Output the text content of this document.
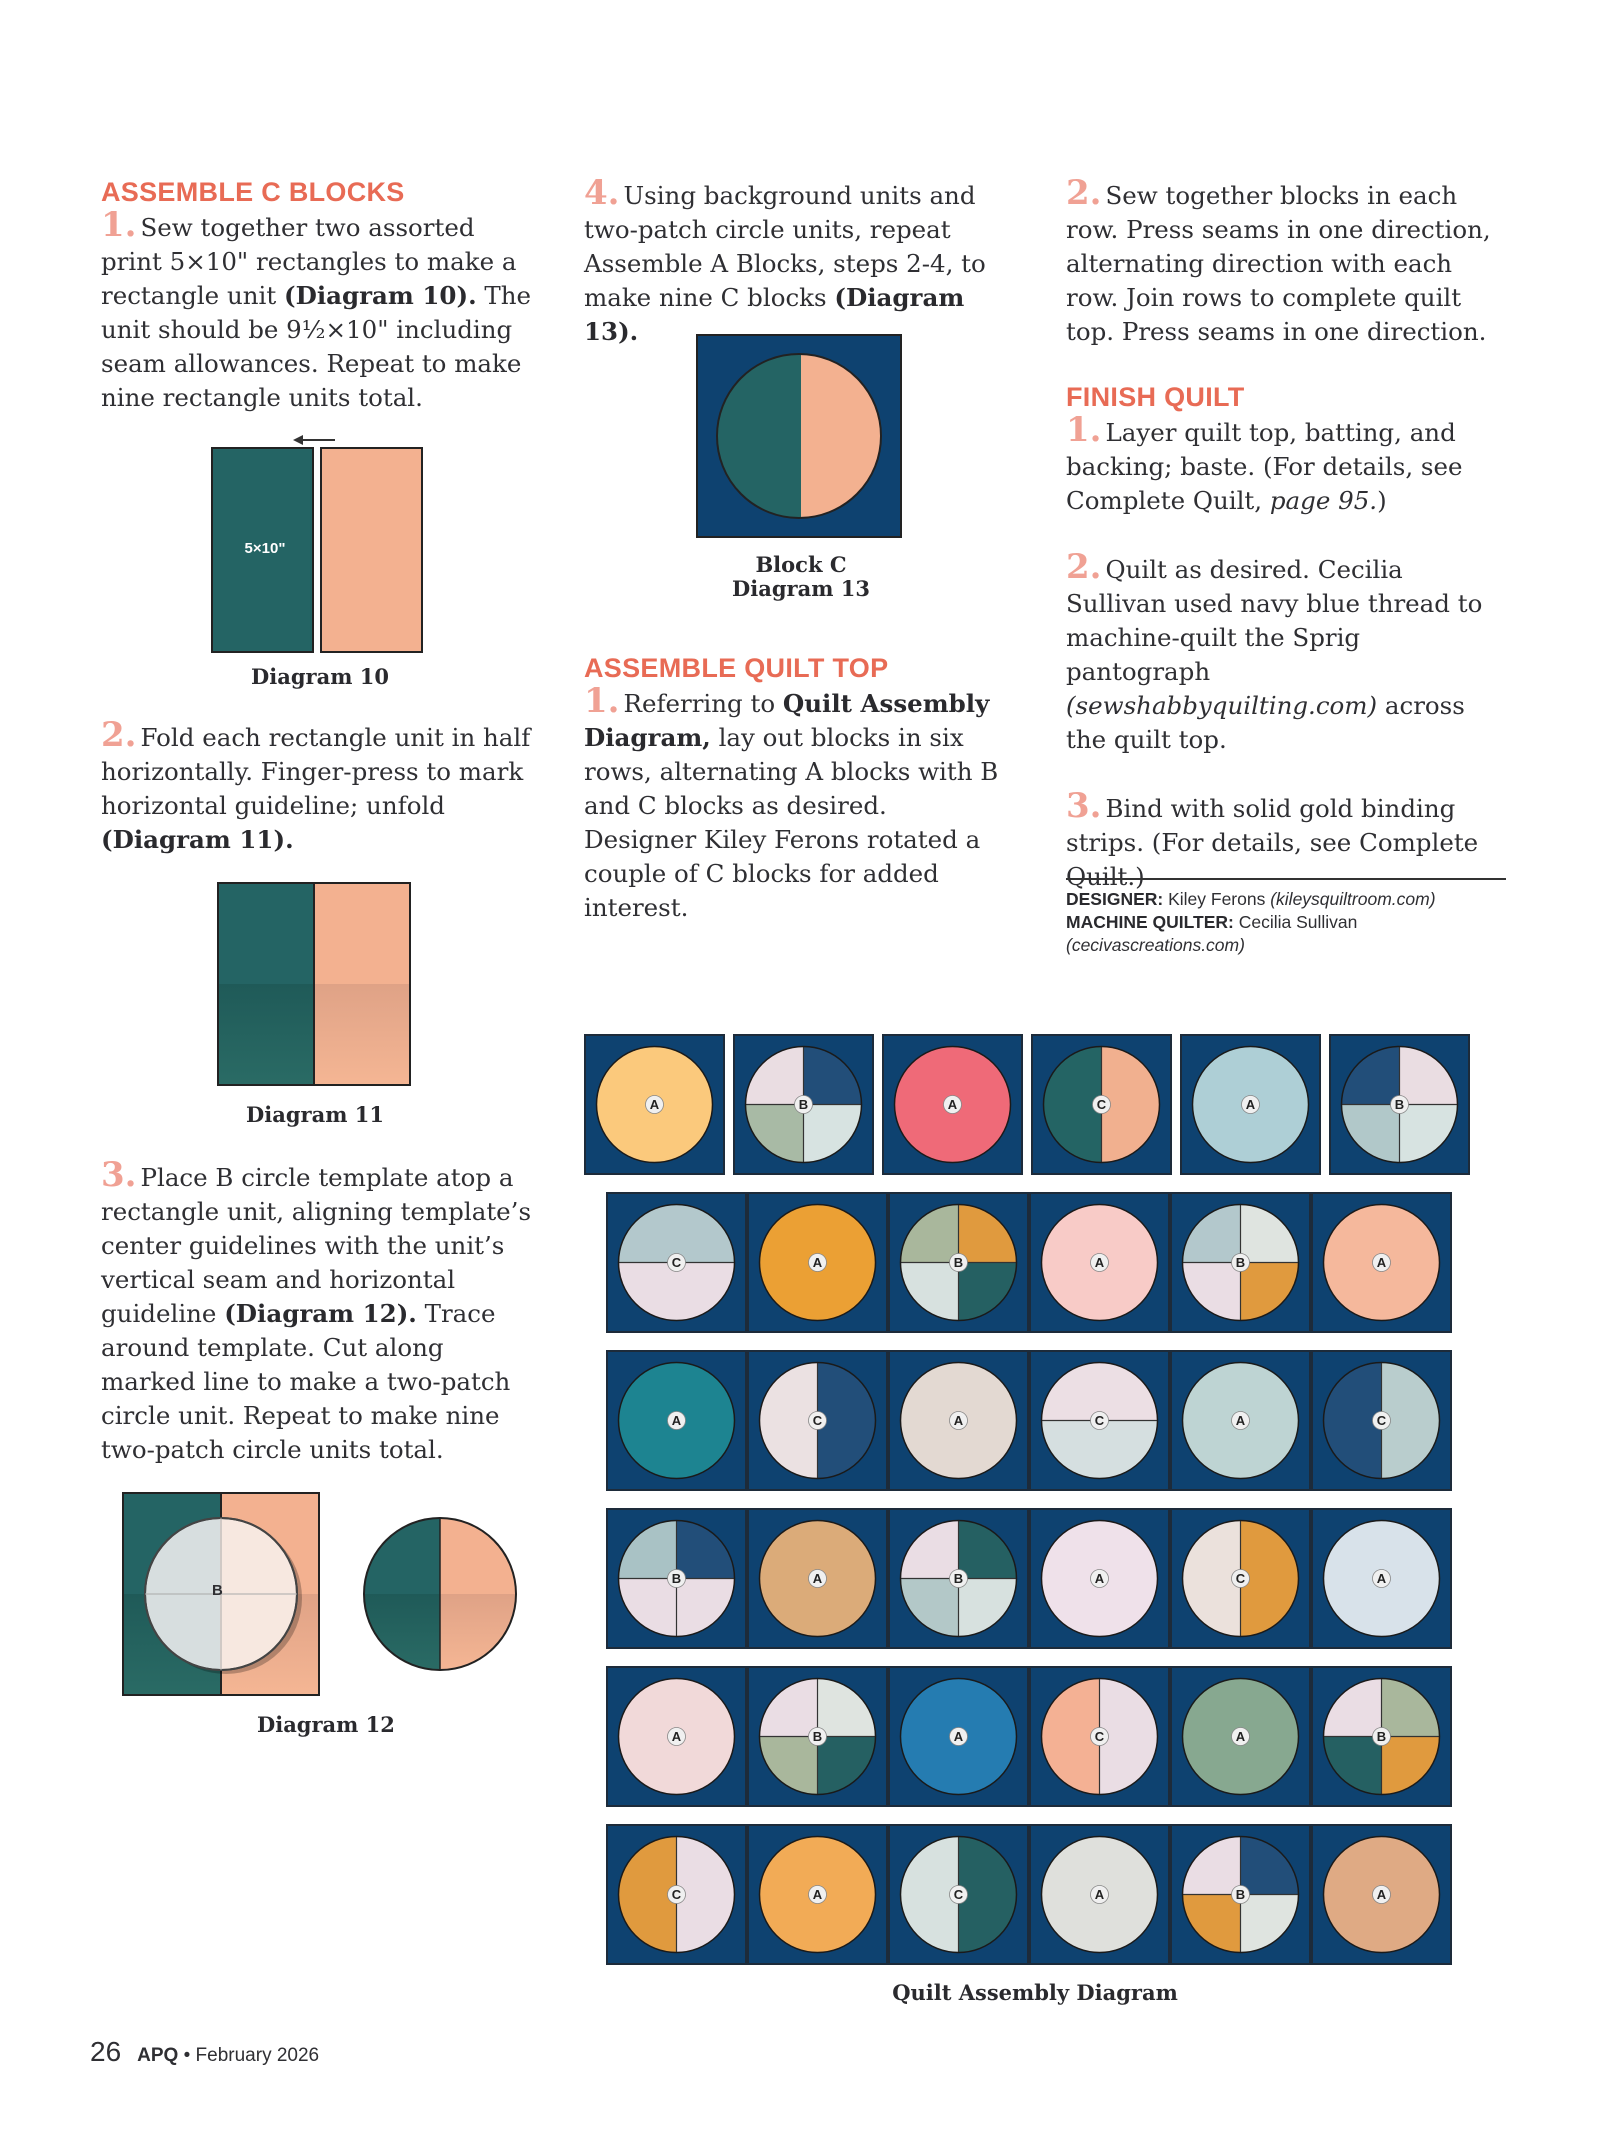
ASSEMBLE C BLOCKS

1. Sew together two assorted print 5×10" rectangles to make a rectangle unit (Diagram 10). The unit should be 9½×10" including seam allowances. Repeat to make nine rectangle units total.

5×10"
Diagram 10

2. Fold each rectangle unit in half horizontally. Finger-press to mark horizontal guideline; unfold (Diagram 11).

Diagram 11

3. Place B circle template atop a rectangle unit, aligning template’s center guidelines with the unit’s vertical seam and horizontal guideline (Diagram 12). Trace around template. Cut along marked line to make a two-patch circle unit. Repeat to make nine two-patch circle units total.

B
Diagram 12

4. Using background units and two-patch circle units, repeat Assemble A Blocks, steps 2-4, to make nine C blocks (Diagram 13).

Block C
Diagram 13
ASSEMBLE QUILT TOP

1. Referring to Quilt Assembly Diagram, lay out blocks in six rows, alternating A blocks with B and C blocks as desired. Designer Kiley Ferons rotated a couple of C blocks for added interest.

2. Sew together blocks in each row. Press seams in one direction, alternating direction with each row. Join rows to complete quilt top. Press seams in one direction.

FINISH QUILT

1. Layer quilt top, batting, and backing; baste. (For details, see Complete Quilt, page 95.)

2. Quilt as desired. Cecilia Sullivan used navy blue thread to machine-quilt the Sprig pantograph (sewshabbyquilting.com) across the quilt top.

3. Bind with solid gold binding strips. (For details, see Complete Quilt.)

DESIGNER: Kiley Ferons (kileysquiltroom.com)
MACHINE QUILTER: Cecilia Sullivan
(cecivascreations.com)
A	B	A	C	A	B
C	A	B	A	B	A
A	C	A	C	A	C
B	A	B	A	C	A
A	B	A	C	A	B
C	A	C	A	B	A
Quilt Assembly Diagram
26 APQ • February 2026
